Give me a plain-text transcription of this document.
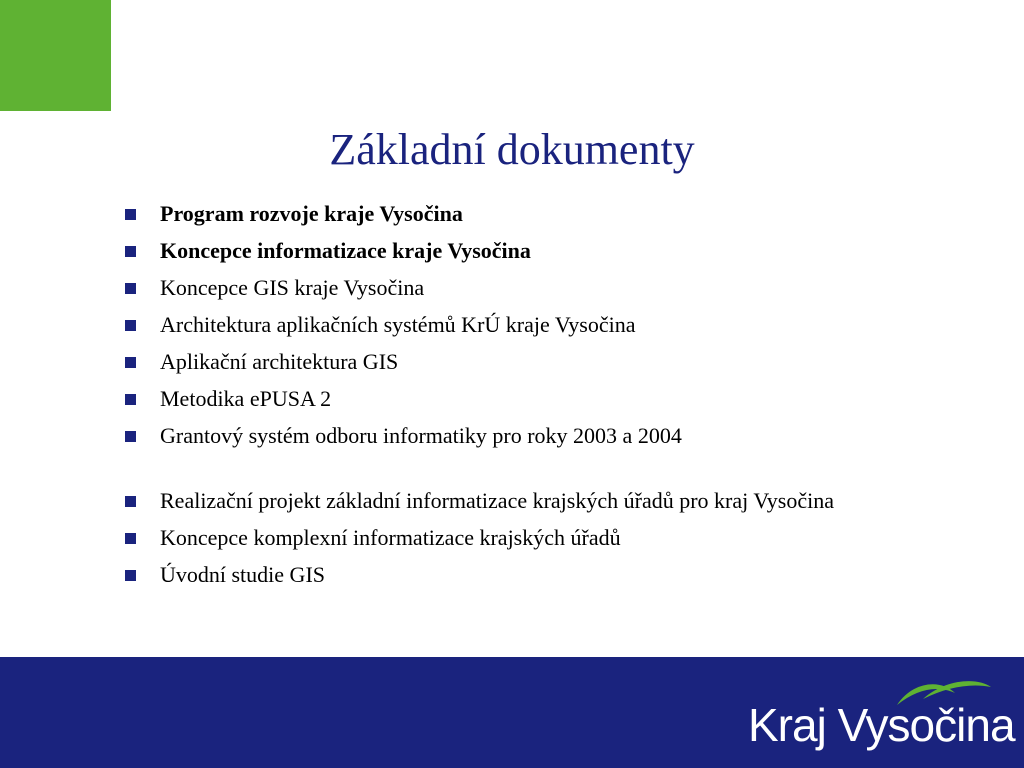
Základní dokumenty
Program rozvoje kraje Vysočina
Koncepce informatizace kraje Vysočina
Koncepce GIS kraje Vysočina
Architektura aplikačních systémů KrÚ kraje Vysočina
Aplikační architektura GIS
Metodika ePUSA 2
Grantový systém odboru informatiky pro roky 2003 a 2004
Realizační projekt základní informatizace krajských úřadů pro kraj Vysočina
Koncepce komplexní informatizace krajských úřadů
Úvodní studie GIS
Kraj Vysočina
